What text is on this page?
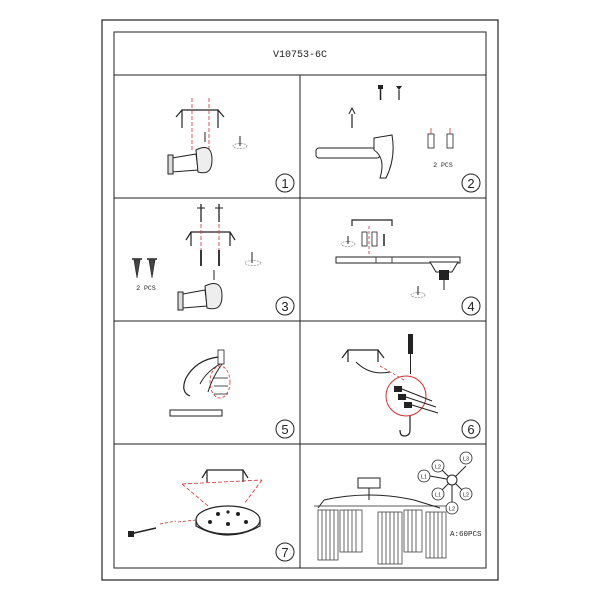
V10753-6C
1
2 PCS
2
2 PCS
3	4
5	6
7
L2
L3
L1
L1	L2
L2
A:60PCS
